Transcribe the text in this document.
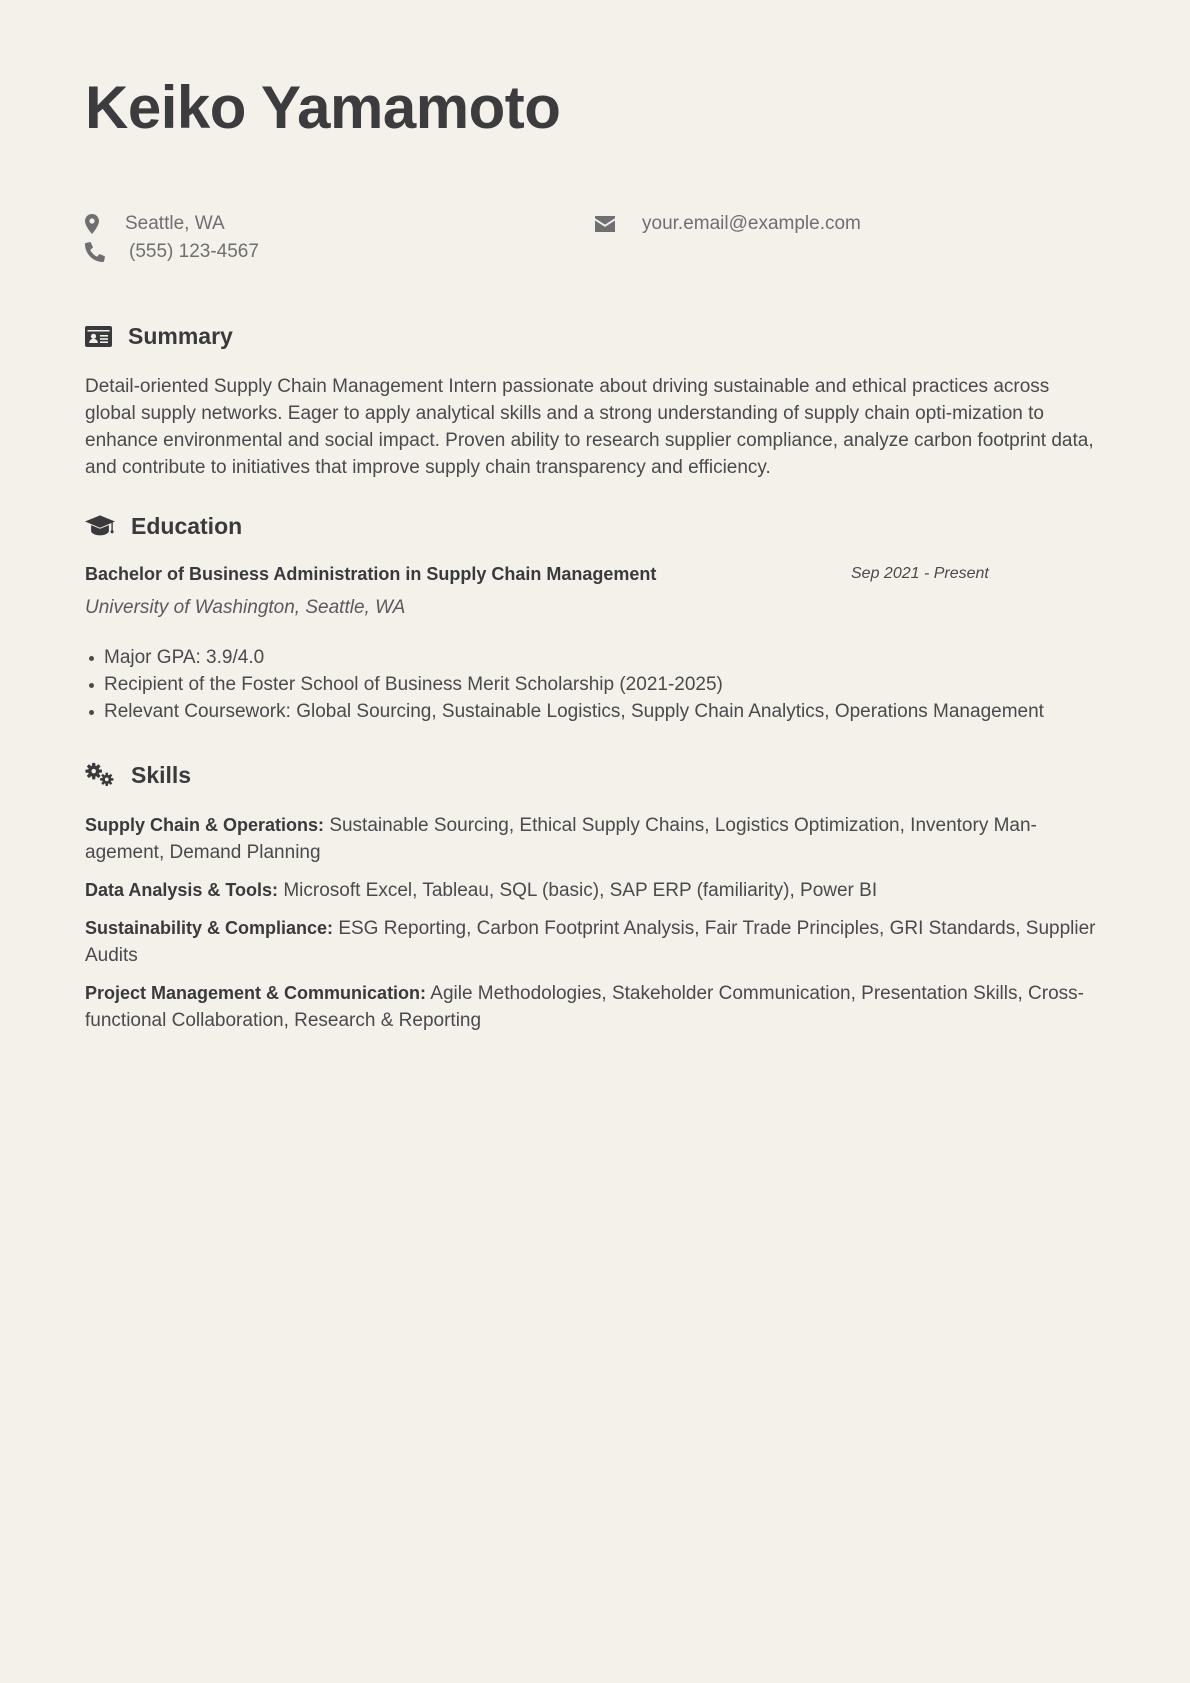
Keiko Yamamoto
Seattle, WA
(555) 123-4567
your.email@example.com
Summary

Detail-oriented Supply Chain Management Intern passionate about driving sustainable and ethical practices across global supply networks. Eager to apply analytical skills and a strong understanding of supply chain opti-mization to enhance environmental and social impact. Proven ability to research supplier compliance, analyze carbon footprint data, and contribute to initiatives that improve supply chain transparency and efficiency.

Education
Bachelor of Business Administration in Supply Chain Management	Sep 2021 - Present
University of Washington, Seattle, WA
Major GPA: 3.9/4.0
Recipient of the Foster School of Business Merit Scholarship (2021-2025)
Relevant Coursework: Global Sourcing, Sustainable Logistics, Supply Chain Analytics, Operations Management
Skills

Supply Chain & Operations: Sustainable Sourcing, Ethical Supply Chains, Logistics Optimization, Inventory Man-agement, Demand Planning

Data Analysis & Tools: Microsoft Excel, Tableau, SQL (basic), SAP ERP (familiarity), Power BI

Sustainability & Compliance: ESG Reporting, Carbon Footprint Analysis, Fair Trade Principles, GRI Standards, Supplier Audits

Project Management & Communication: Agile Methodologies, Stakeholder Communication, Presentation Skills, Cross-functional Collaboration, Research & Reporting
